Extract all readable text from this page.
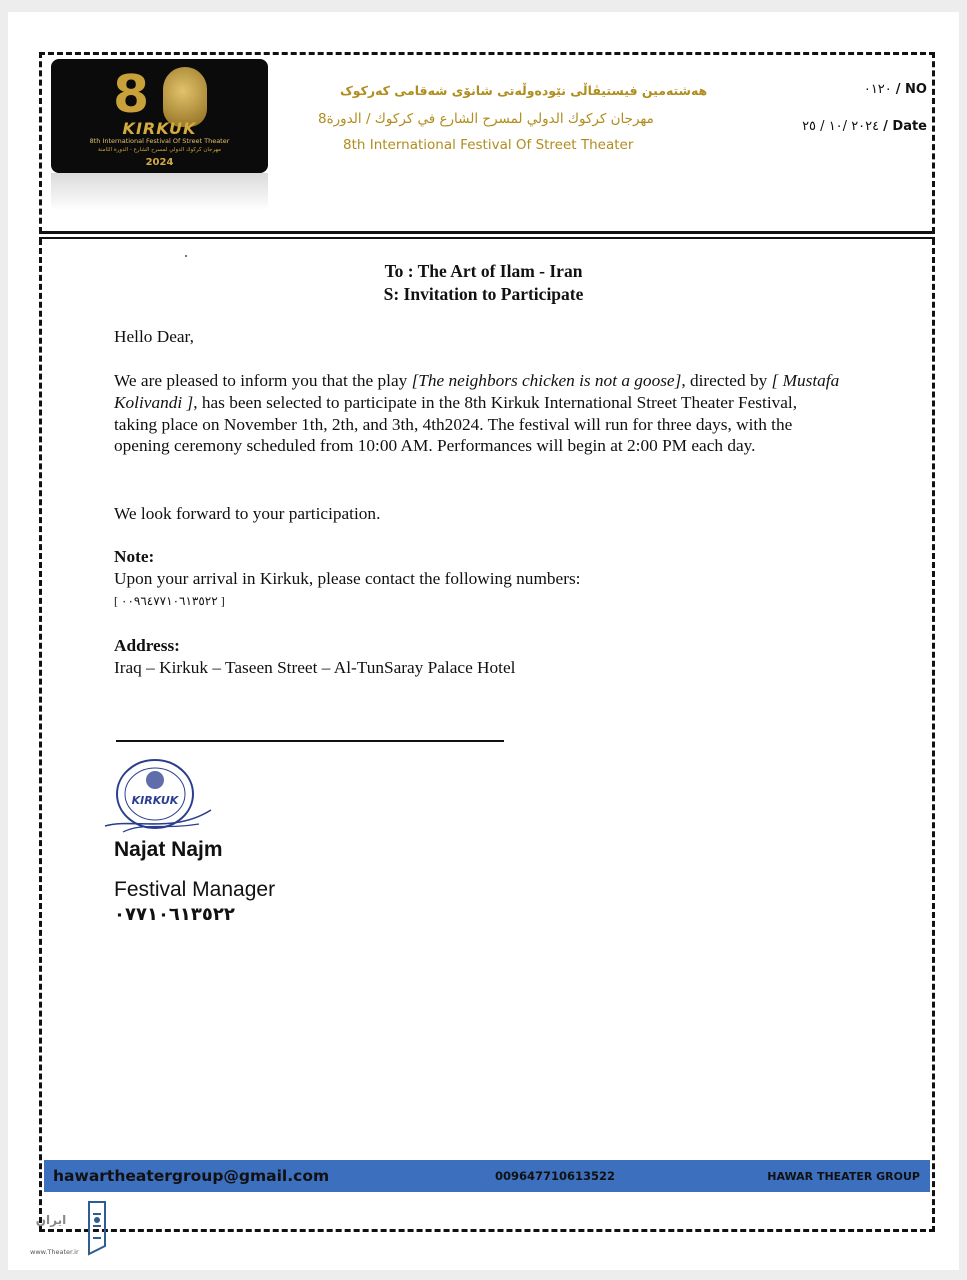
8
KIRKUK
8th International Festival Of Street Theater
مهرجان كركوك الدولي لمسرح الشارع - الدورة الثامنة
2024
هەشتەمین فیستیڤاڵی نێودەوڵەتی شانۆی شەقامی کەرکوک
مهرجان كركوك الدولي لمسرح الشارع في كركوك / الدورة8
8th International Festival Of Street Theater
٠١٢٠ / NO
٢٠٢٤ /١٠ / ٢٥ / Date
To : The Art of Ilam - Iran
S: Invitation to Participate
Hello Dear,
We are pleased to inform you that the play [The neighbors chicken is not a goose], directed by [ Mustafa Kolivandi ], has been selected to participate in the 8th Kirkuk International Street Theater Festival, taking place on November 1th, 2th, and 3th, 4th2024. The festival will run for three days, with the opening ceremony scheduled from 10:00 AM. Performances will begin at 2:00 PM each day.
We look forward to your participation.
Note:
Upon your arrival in Kirkuk, please contact the following numbers:
[ ٠٠٩٦٤٧٧١٠٦١٣٥٢٢ ]
Address:
Iraq – Kirkuk – Taseen Street – Al-TunSaray Palace Hotel
KIRKUK
Najat Najm
Festival Manager
٠٧٧١٠٦١٣٥٢٢
hawartheatergroup@gmail.com	009647710613522	HAWAR THEATER GROUP
ایران
www.Theater.ir
